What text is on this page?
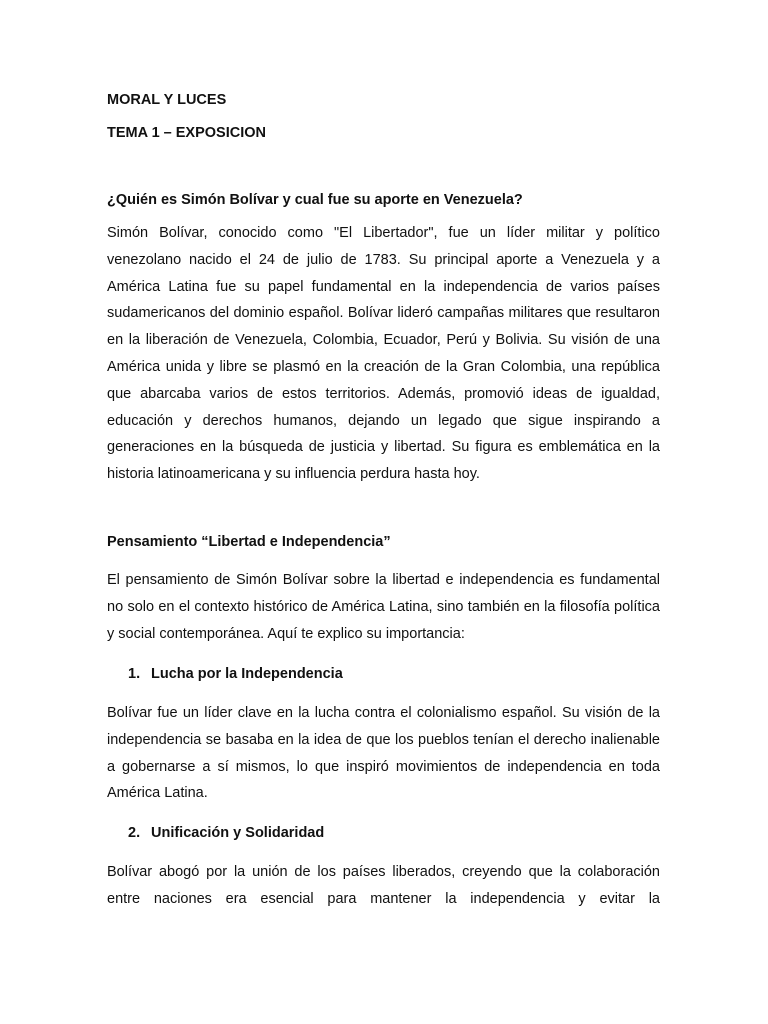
MORAL Y LUCES

TEMA 1 – EXPOSICION

¿Quién es Simón Bolívar y cual fue su aporte en Venezuela?

Simón Bolívar, conocido como "El Libertador", fue un líder militar y político venezolano nacido el 24 de julio de 1783. Su principal aporte a Venezuela y a América Latina fue su papel fundamental en la independencia de varios países sudamericanos del dominio español. Bolívar lideró campañas militares que resultaron en la liberación de Venezuela, Colombia, Ecuador, Perú y Bolivia. Su visión de una América unida y libre se plasmó en la creación de la Gran Colombia, una república que abarcaba varios de estos territorios. Además, promovió ideas de igualdad, educación y derechos humanos, dejando un legado que sigue inspirando a generaciones en la búsqueda de justicia y libertad. Su figura es emblemática en la historia latinoamericana y su influencia perdura hasta hoy.

Pensamiento “Libertad e Independencia”

El pensamiento de Simón Bolívar sobre la libertad e independencia es fundamental no solo en el contexto histórico de América Latina, sino también en la filosofía política y social contemporánea. Aquí te explico su importancia:

1. Lucha por la Independencia

Bolívar fue un líder clave en la lucha contra el colonialismo español. Su visión de la independencia se basaba en la idea de que los pueblos tenían el derecho inalienable a gobernarse a sí mismos, lo que inspiró movimientos de independencia en toda América Latina.

2. Unificación y Solidaridad

Bolívar abogó por la unión de los países liberados, creyendo que la colaboración entre naciones era esencial para mantener la independencia y evitar la
